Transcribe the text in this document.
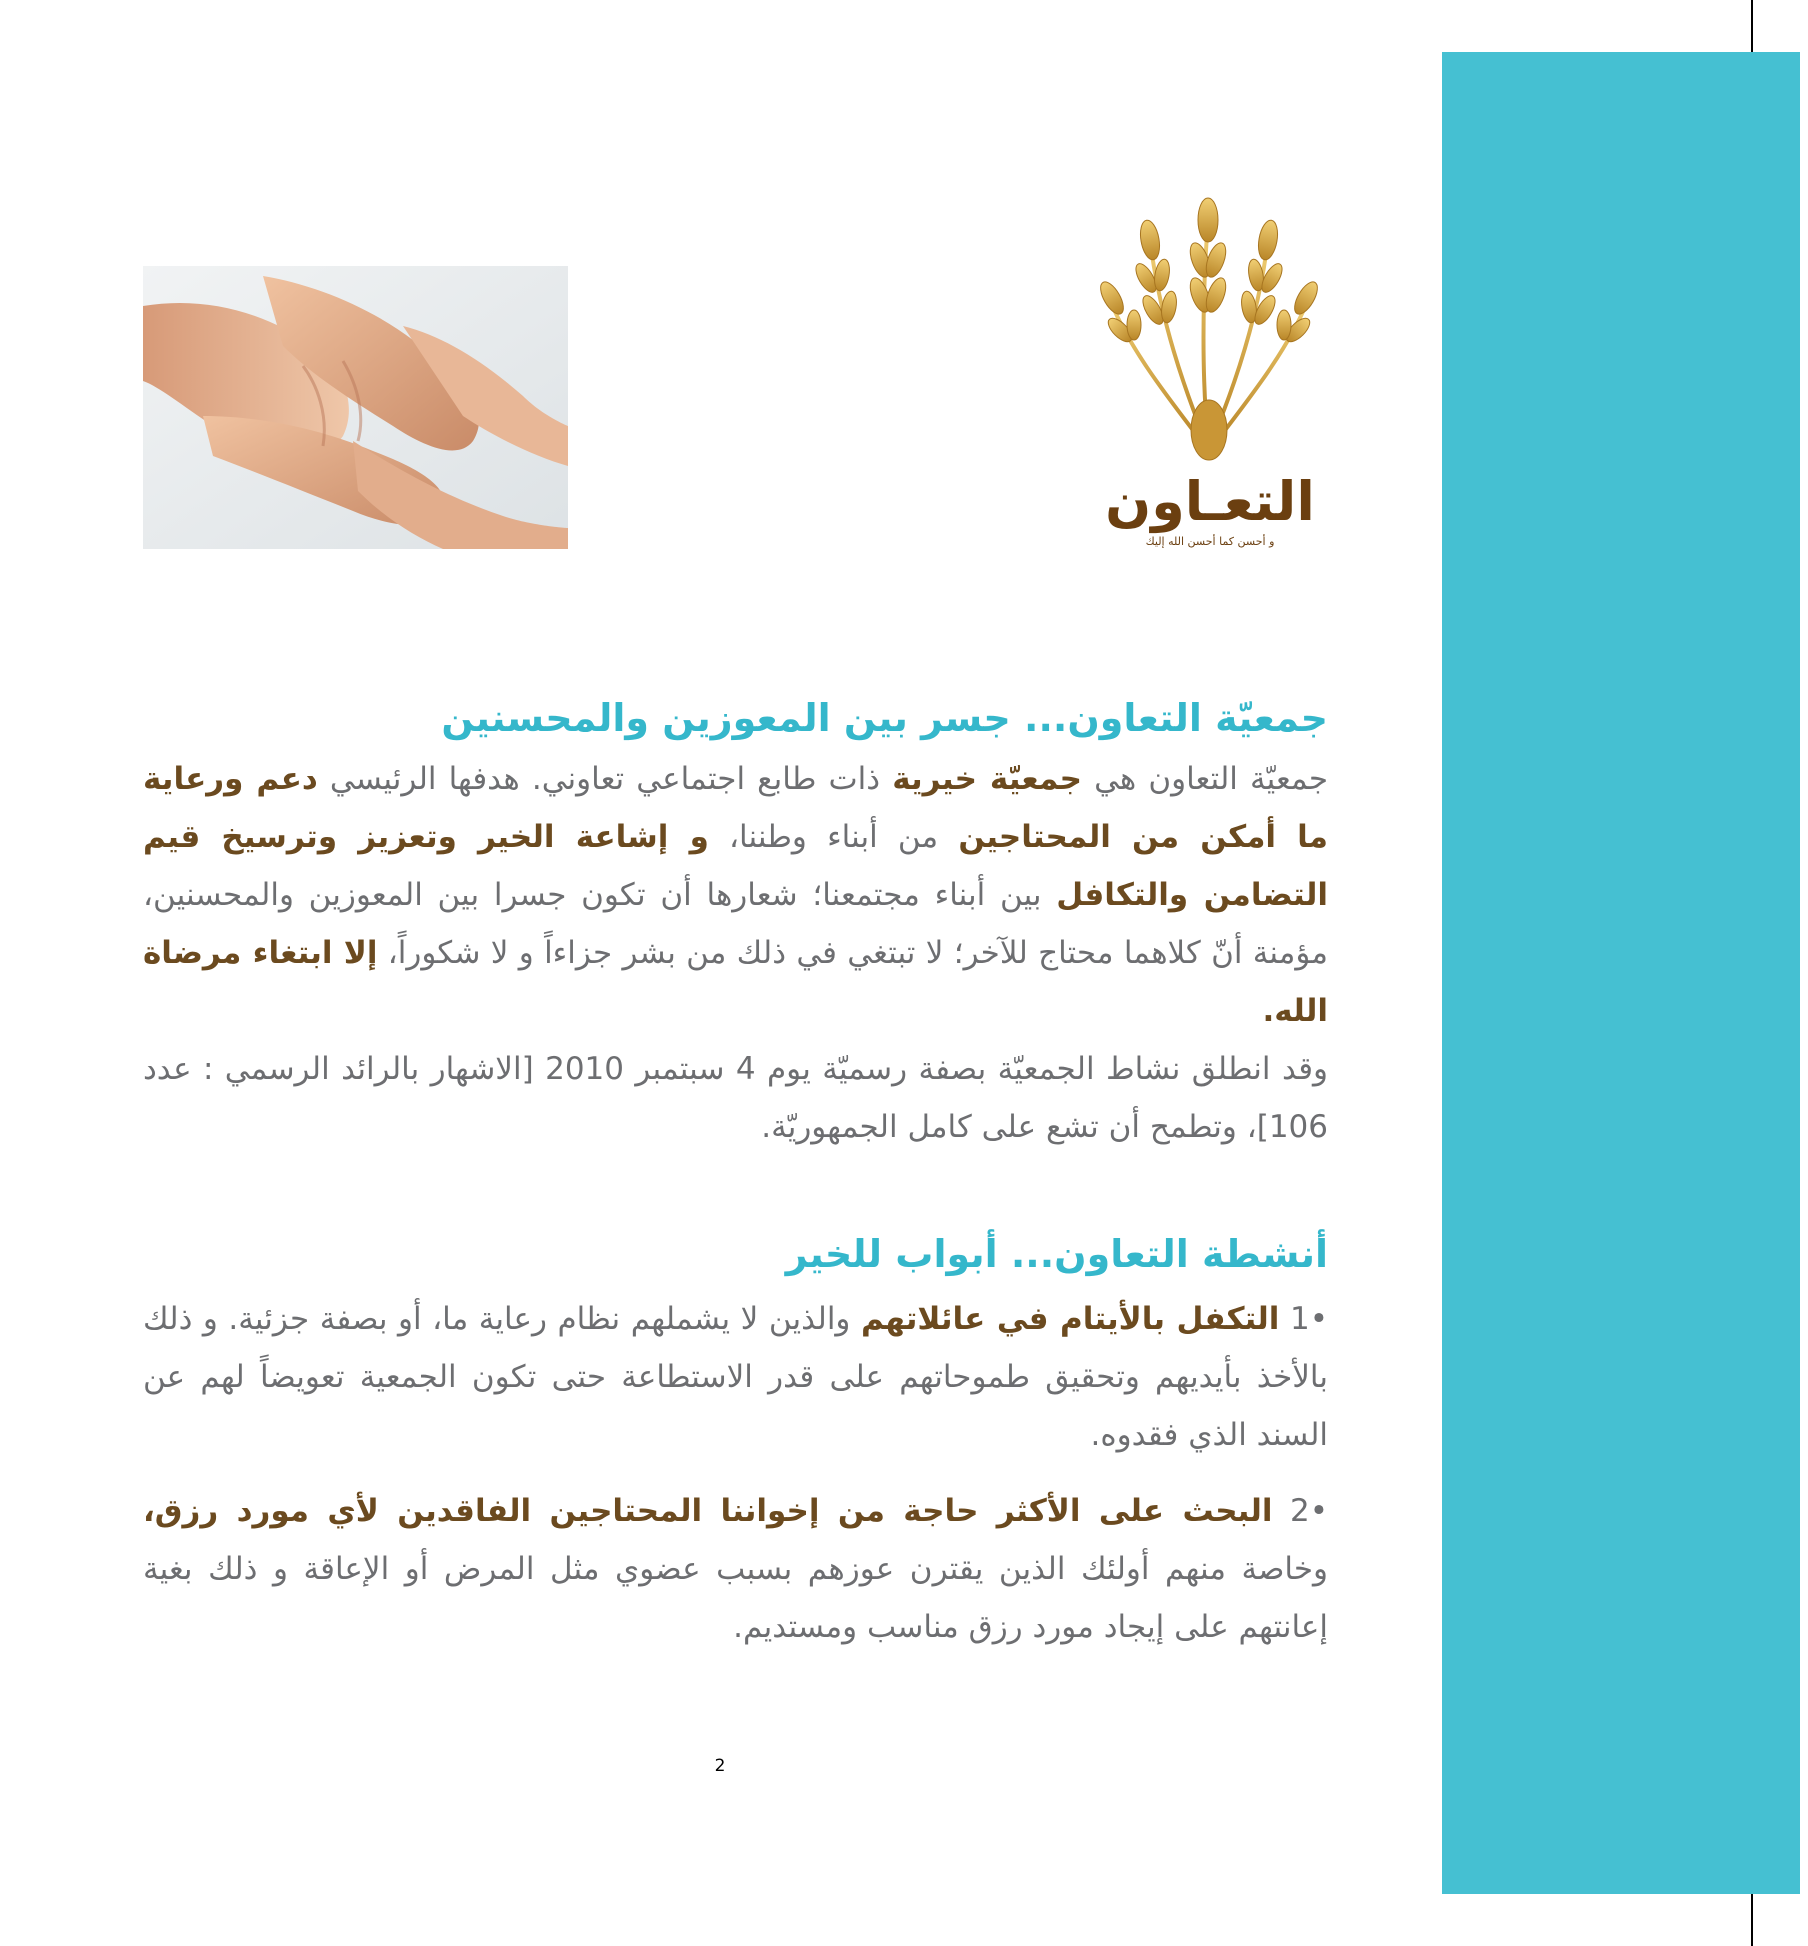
التعـاون
و أحسن كما أحسن الله إليك
جمعيّة التعاون... جسر بين المعوزين والمحسنين

جمعيّة التعاون هي جمعيّة خيرية ذات طابع اجتماعي تعاوني. هدفها الرئيسي دعم ورعاية ما أمكن من المحتاجين من أبناء وطننا، و إشاعة الخير وتعزيز وترسيخ قيم التضامن والتكافل بين أبناء مجتمعنا؛ شعارها أن تكون جسرا بين المعوزين والمحسنين، مؤمنة أنّ كلاهما محتاج للآخر؛ لا تبتغي في ذلك من بشر جزاءاً و لا شكوراً، إلا ابتغاء مرضاة الله.

وقد انطلق نشاط الجمعيّة بصفة رسميّة يوم 4 سبتمبر 2010 [الاشهار بالرائد الرسمي : عدد 106]، وتطمح أن تشع على كامل الجمهوريّة.

أنشطة التعاون... أبواب للخير

•1 التكفل بالأيتام في عائلاتهم والذين لا يشملهم نظام رعاية ما، أو بصفة جزئية. و ذلك بالأخذ بأيديهم وتحقيق طموحاتهم على قدر الاستطاعة حتى تكون الجمعية تعويضاً لهم عن السند الذي فقدوه.

•2 البحث على الأكثر حاجة من إخواننا المحتاجين الفاقدين لأي مورد رزق، وخاصة منهم أولئك الذين يقترن عوزهم بسبب عضوي مثل المرض أو الإعاقة و ذلك بغية إعانتهم على إيجاد مورد رزق مناسب ومستديم.

2
